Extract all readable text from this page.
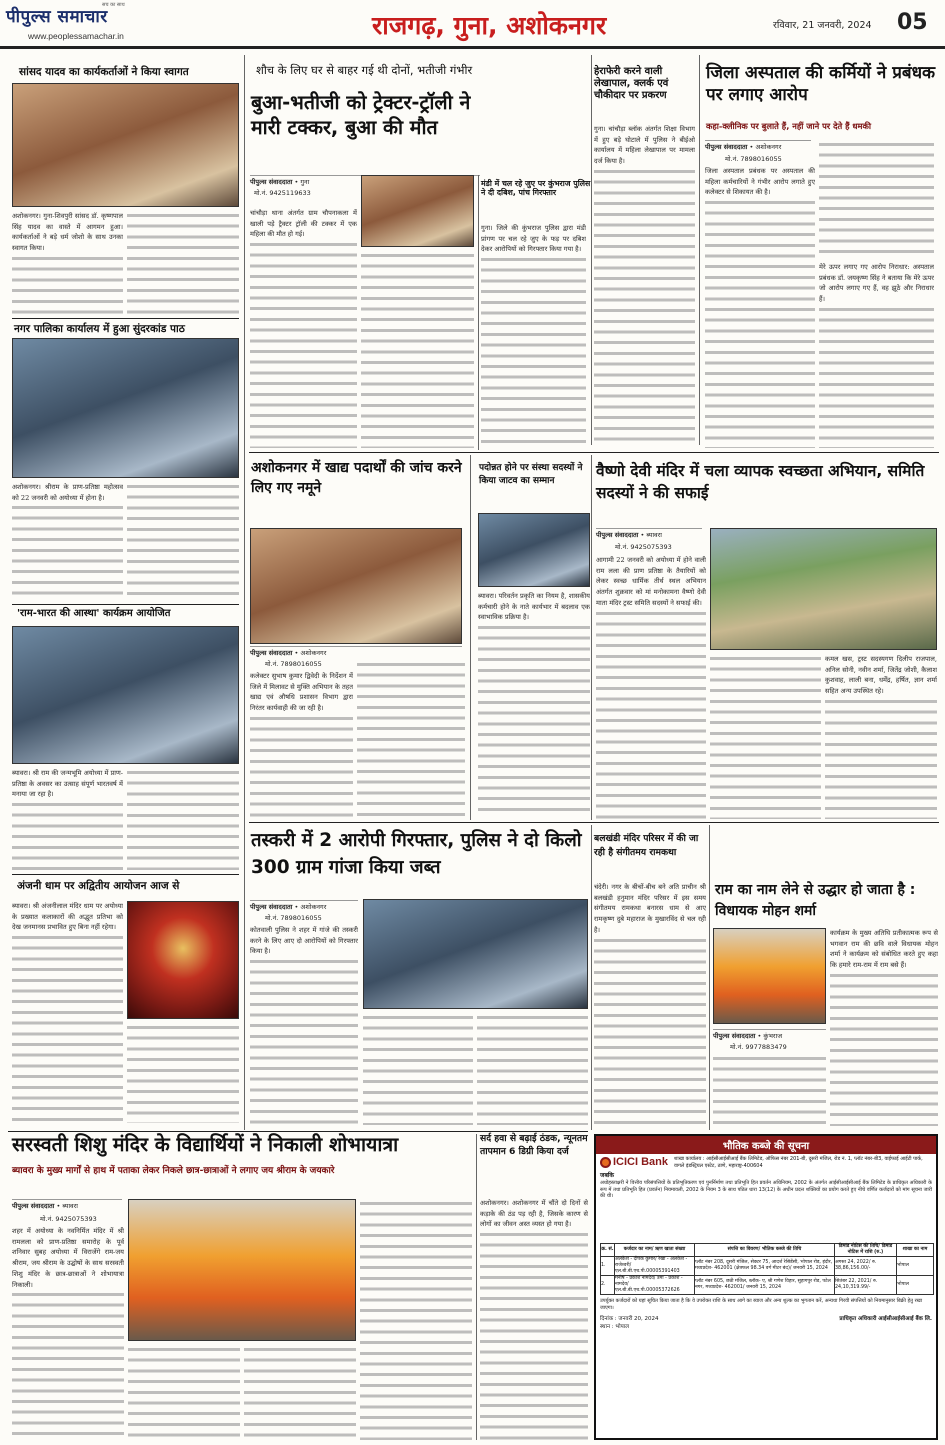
पीपुल्स समाचार
सच का साथ
www.peoplessamachar.in	राजगढ़, गुना, अशोकनगर	रविवार, 21 जनवरी, 2024 05
सांसद यादव का कार्यकर्ताओं ने किया स्वागत
अशोकनगर। गुना-शिवपुरी सांसद डॉ. कृष्णपाल सिंह यादव का वास्ते में आगमन हुआ। कार्यकर्ताओं ने बड़े धर्म जोशो के साथ उनका स्वागत किया।
नगर पालिका कार्यालय में हुआ सुंदरकांड पाठ
अशोकनगर। श्रीराम के प्राण-प्रतिष्ठा महोत्सव को 22 जनवरी को अयोध्या में होना है।
'राम-भारत की आस्था' कार्यक्रम आयोजित
ब्यावरा। श्री राम की जन्मभूमि अयोध्या में प्राण-प्रतिष्ठा के अवसर का उत्साह संपूर्ण भारतवर्ष में मनाया जा रहा है।
अंजनी धाम पर अद्वितीय आयोजन आज से
ब्यावरा। श्री अंजनीलाल मंदिर धाम पर अयोध्या के प्रख्यात कलाकारों की अद्भुत प्रतिभा को देख जनमानस प्रभावित हुए बिना नहीं रहेगा।
शौच के लिए घर से बाहर गई थी दोनों, भतीजी गंभीर
बुआ-भतीजी को ट्रेक्टर-ट्रॉली ने मारी टक्कर, बुआ की मौत
पीपुल्स संवाददाता • गुना
मो.नं. 9425119633
चांचौड़ा थाना अंतर्गत ग्राम चौपनाकला में खाली पड़े ट्रैक्टर ट्रॉली की टक्कर में एक महिला की मौत हो गई।
मंडी में चल रहे जुए पर कुंभराज पुलिस ने दी दबिश, पांच गिरफ्तार
गुना। जिले की कुंभराज पुलिस द्वारा मंडी प्रांगण पर चल रहे जुए के फड़ पर दबिश देकर आरोपियों को गिरफ्तार किया गया है।
हेराफेरी करने वाली लेखापाल, क्लर्क एवं चौकीदार पर प्रकरण
गुना। चांचौड़ा ब्लॉक अंतर्गत शिक्षा विभाग में हुए बड़े घोटाले में पुलिस ने बीईओ कार्यालय में महिला लेखापाल पर मामला दर्ज किया है।
जिला अस्पताल की कर्मियों ने प्रबंधक पर लगाए आरोप
कहा-क्लीनिक पर बुलाते हैं, नहीं जाने पर देते हैं धमकी
पीपुल्स संवाददाता • अशोकनगर
मो.नं. 7898016055
जिला अस्पताल प्रबंधक पर अस्पताल की महिला कर्मचारियों ने गंभीर आरोप लगाते हुए कलेक्टर से शिकायत की है।
मेरे ऊपर लगाए गए आरोप निराधार: अस्पताल प्रबंधक डॉ. जयकृष्ण सिंह ने बताया कि मेरे ऊपर जो आरोप लगाए गए हैं, वह झूठे और निराधार हैं।
अशोकनगर में खाद्य पदार्थों की जांच करने लिए गए नमूने
पीपुल्स संवाददाता • अशोकनगर
मो.नं. 7898016055
कलेक्टर सुभाष कुमार द्विवेदी के निर्देशन में जिले में मिलावट से मुक्ति अभियान के तहत खाद्य एवं औषधि प्रशासन विभाग द्वारा निरंतर कार्यवाही की जा रही है।
पदोन्नत होने पर संस्था सदस्यों ने किया जाटव का सम्मान
ब्यावरा। परिवर्तन प्रकृति का नियम है, शासकीय कर्मचारी होने के नाते कार्यभार में बदलाव एक स्वाभाविक प्रक्रिया है।
वैष्णो देवी मंदिर में चला व्यापक स्वच्छता अभियान, समिति सदस्यों ने की सफाई
पीपुल्स संवाददाता • ब्यावरा
मो.नं. 9425075393
आगामी 22 जनवरी को अयोध्या में होने वाली राम लला की प्राण प्रतिष्ठा के तैयारियों को लेकर स्वच्छ धार्मिक तीर्थ स्थल अभियान अंतर्गत शुक्रवार को मां मनोकामना वैष्णो देवी माता मंदिर ट्रस्ट समिति सदस्यों ने सफाई की।
कमल खस, ट्रस्ट सदस्यगण दिलीप राजपाल, अनिल सोनी, नवीन शर्मा, जितेंद्र जोशी, कैलाश कुशवाह, लाली बना, धर्मेंद्र, हर्षित, ज्ञान शर्मा सहित अन्य उपस्थित रहे।
तस्करी में 2 आरोपी गिरफ्तार, पुलिस ने दो किलो 300 ग्राम गांजा किया जब्त
पीपुल्स संवाददाता • अशोकनगर
मो.नं. 7898016055
कोतवाली पुलिस ने शहर में गांजे की तस्करी करने के लिए आए दो आरोपियों को गिरफ्तार किया है।
बलखंडी मंदिर परिसर में की जा रही है संगीतमय रामकथा
चंदेरी। नगर के बीचों-बीच बने अति प्राचीन श्री बलखंडी हनुमान मंदिर परिसर में इस समय संगीतमय रामकथा बनारस धाम से आए रामकृष्ण दुबे महाराज के मुखारविंद से चल रही है।
राम का नाम लेने से उद्धार हो जाता है : विधायक मोहन शर्मा
पीपुल्स संवाददाता • कुंभराज
मो.नं. 9977883479
कार्यक्रम के मुख्य अतिथि प्रतीकात्मक रूप से भगवान राम की छवि वाले विधायक मोहन शर्मा ने कार्यक्रम को संबोधित करते हुए कहा कि हमारे राम-राम में राम बसे हैं।
सरस्वती शिशु मंदिर के विद्यार्थियों ने निकाली शोभायात्रा
ब्यावरा के मुख्य मार्गों से हाथ में पताका लेकर निकले छात्र-छात्राओं ने लगाए जय श्रीराम के जयकारे
पीपुल्स संवाददाता • ब्यावरा
मो.नं. 9425075393
शहर में अयोध्या के नवनिर्मित मंदिर में श्री रामलला को प्राण-प्रतिष्ठा समारोह के पूर्व शनिवार सुबह अयोध्या में विराजेंगे राम-जय श्रीराम, जय श्रीराम के उद्घोषों के साथ सरस्वती शिशु मंदिर के छात्र-छात्राओं ने शोभायात्रा निकाली।
सर्द हवा से बढ़ाई ठंडक, न्यूनतम तापमान 6 डिग्री किया दर्ज
अशोकनगर। अशोकनगर में चौंते दो दिनों से कड़ाके की ठंड पड़ रही है, जिसके कारण से लोगों का जीवन अस्त व्यस्त हो गया है।
भौतिक कब्जे की सूचना
ICICI Bank शाखा कार्यालय : आईसीआईसीआई बैंक लिमिटेड, ऑफिस नंबर 201-बी, दूसरी मंजिल, रोड नं. 1, प्लॉट नंबर-बी3, वाईफाई आईटी पार्क, वागले इंडस्ट्रियल एस्टेट, ठाणे, महाराष्ट्र-400604
जबकि
अधोहस्ताक्षरी ने वित्तीय परिसंपत्तियों के प्रतिभूतिकरण एवं पुनर्निर्माण तथा प्रतिभूति हित प्रवर्तन अधिनियम, 2002 के अंतर्गत आईसीआईसीआई बैंक लिमिटेड के प्राधिकृत अधिकारी के रूप में तथा प्रतिभूति हित (प्रवर्तन) नियमावली, 2002 के नियम 3 के साथ पठित धारा 13(12) के अधीन प्रदत्त शक्तियों का प्रयोग करते हुए नीचे वर्णित कर्जदारों को मांग सूचना जारी की थी।
क्र. सं.	कर्जदार का नाम/ ऋण खाता संख्या	संपत्ति का विवरण/ भौतिक कब्जे की तिथि	डिमांड नोटिस की तिथि/ डिमांड नोटिस में राशि (रु.)	शाखा का नाम
1.	अलकेश - दीपक कुमार/ रेखा - अलकेश - राजेश्वरी/ एल.बी.बी.एच.पी.00005391403	प्लॉट नंबर 208, दूसरी मंजिल, सेक्टर 75, आदर्श रेसिडेंसी, भोपाल रोड, इंदौर, मध्यप्रदेश- 462001 (क्षेत्रफल 98.34 वर्ग मीटर बंद)/ जनवरी 15, 2024	अगस्त 24, 2022/ रु. 38,86,156.00/-	भोपाल
2.	मनीष - प्रकाश नामदेव/ उमा - प्रकाश - नामदेव/ एल.बी.बी.एच.पी.00005372626	प्लॉट नंबर 605, छठी मंजिल, ब्लॉक- ए, श्री गणेश विहार, सुहागपुर रोड, पटेल नगर, मध्यप्रदेश- 462001/ जनवरी 15, 2024	सितंबर 22, 2021/ रु. 24,10,319.99/-	भोपाल
उपर्युक्त कर्जदारों को यहां सूचित किया जाता है कि वे उपरोक्त राशि के साथ आगे का ब्याज और अन्य शुल्क का भुगतान करें, अन्यथा गिरवी संपत्तियों को नियमानुसार बिक्री हेतु रखा जाएगा।
दिनांक : जनवरी 20, 2024
स्थान : भोपाल
प्राधिकृत अधिकारी आईसीआईसीआई बैंक लि.
